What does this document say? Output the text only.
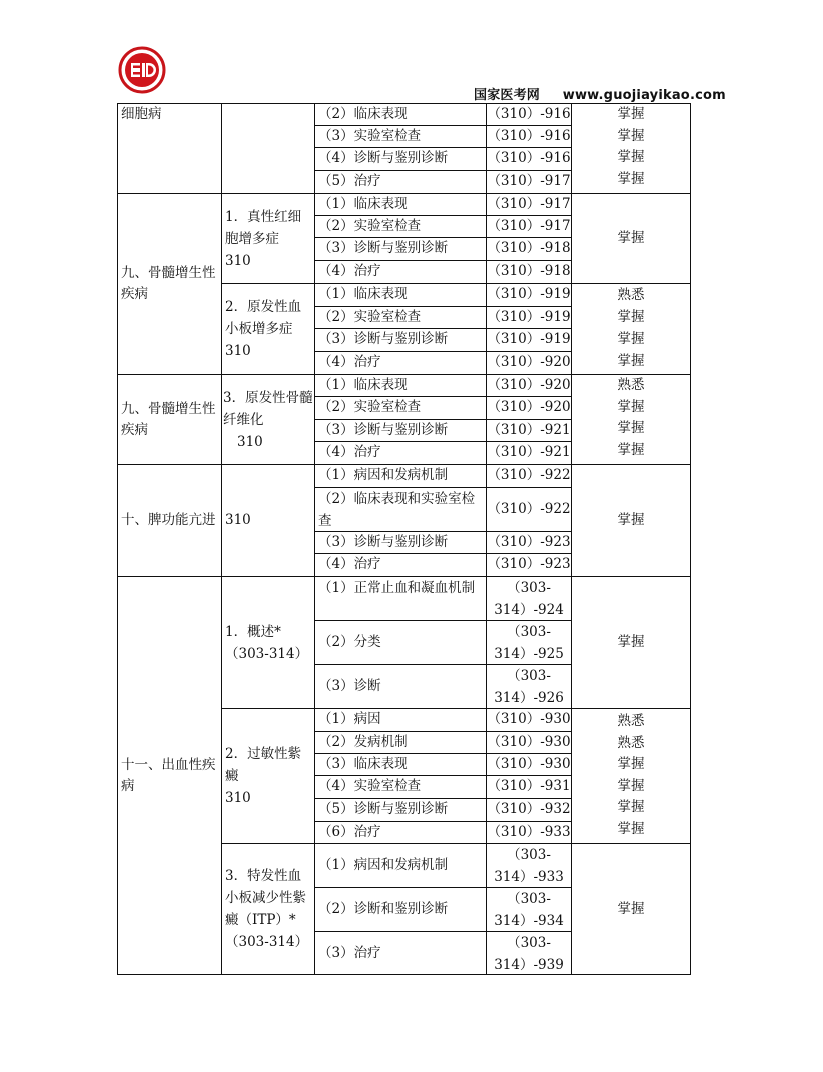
国家医考网 www.guojiayikao.com
细胞病	（2）临床表现
（3）实验室检查
（4）诊断与鉴别诊断
（5）治疗
（310）-916
（310）-916
（310）-916
（310）-917
掌握
掌握
掌握
掌握
九、骨髓增生性疾病
1．真性红细胞增多症
310
（1）临床表现
（2）实验室检查
（3）诊断与鉴别诊断
（4）治疗
（310）-917
（310）-917
（310）-918
（310）-918
掌握
2．原发性血小板增多症
310
（1）临床表现
（2）实验室检查
（3）诊断与鉴别诊断
（4）治疗
（310）-919
（310）-919
（310）-919
（310）-920
熟悉
掌握
掌握
掌握
九、骨髓增生性疾病
3．原发性骨髓纤维化
310
（1）临床表现
（2）实验室检查
（3）诊断与鉴别诊断
（4）治疗
（310）-920
（310）-920
（310）-921
（310）-921
熟悉
掌握
掌握
掌握
十、脾功能亢进 310
（1）病因和发病机制
（2）临床表现和实验室检查
（3）诊断与鉴别诊断
（4）治疗
（310）-922
（310）-922
（310）-923
（310）-923
掌握
十一、出血性疾病
1．概述*
（303-314）
（1）正常止血和凝血机制
（2）分类
（3）诊断
（303-314）-924
（303-314）-925
（303-314）-926
掌握
2．过敏性紫癜
310
（1）病因
（2）发病机制
（3）临床表现
（4）实验室检查
（5）诊断与鉴别诊断
（6）治疗
（310）-930
（310）-930
（310）-930
（310）-931
（310）-932
（310）-933
熟悉
熟悉
掌握
掌握
掌握
掌握
3．特发性血小板减少性紫癜（ITP）*
（303-314）
（1）病因和发病机制
（2）诊断和鉴别诊断
（3）治疗
（303-314）-933
（303-314）-934
（303-314）-939
掌握
